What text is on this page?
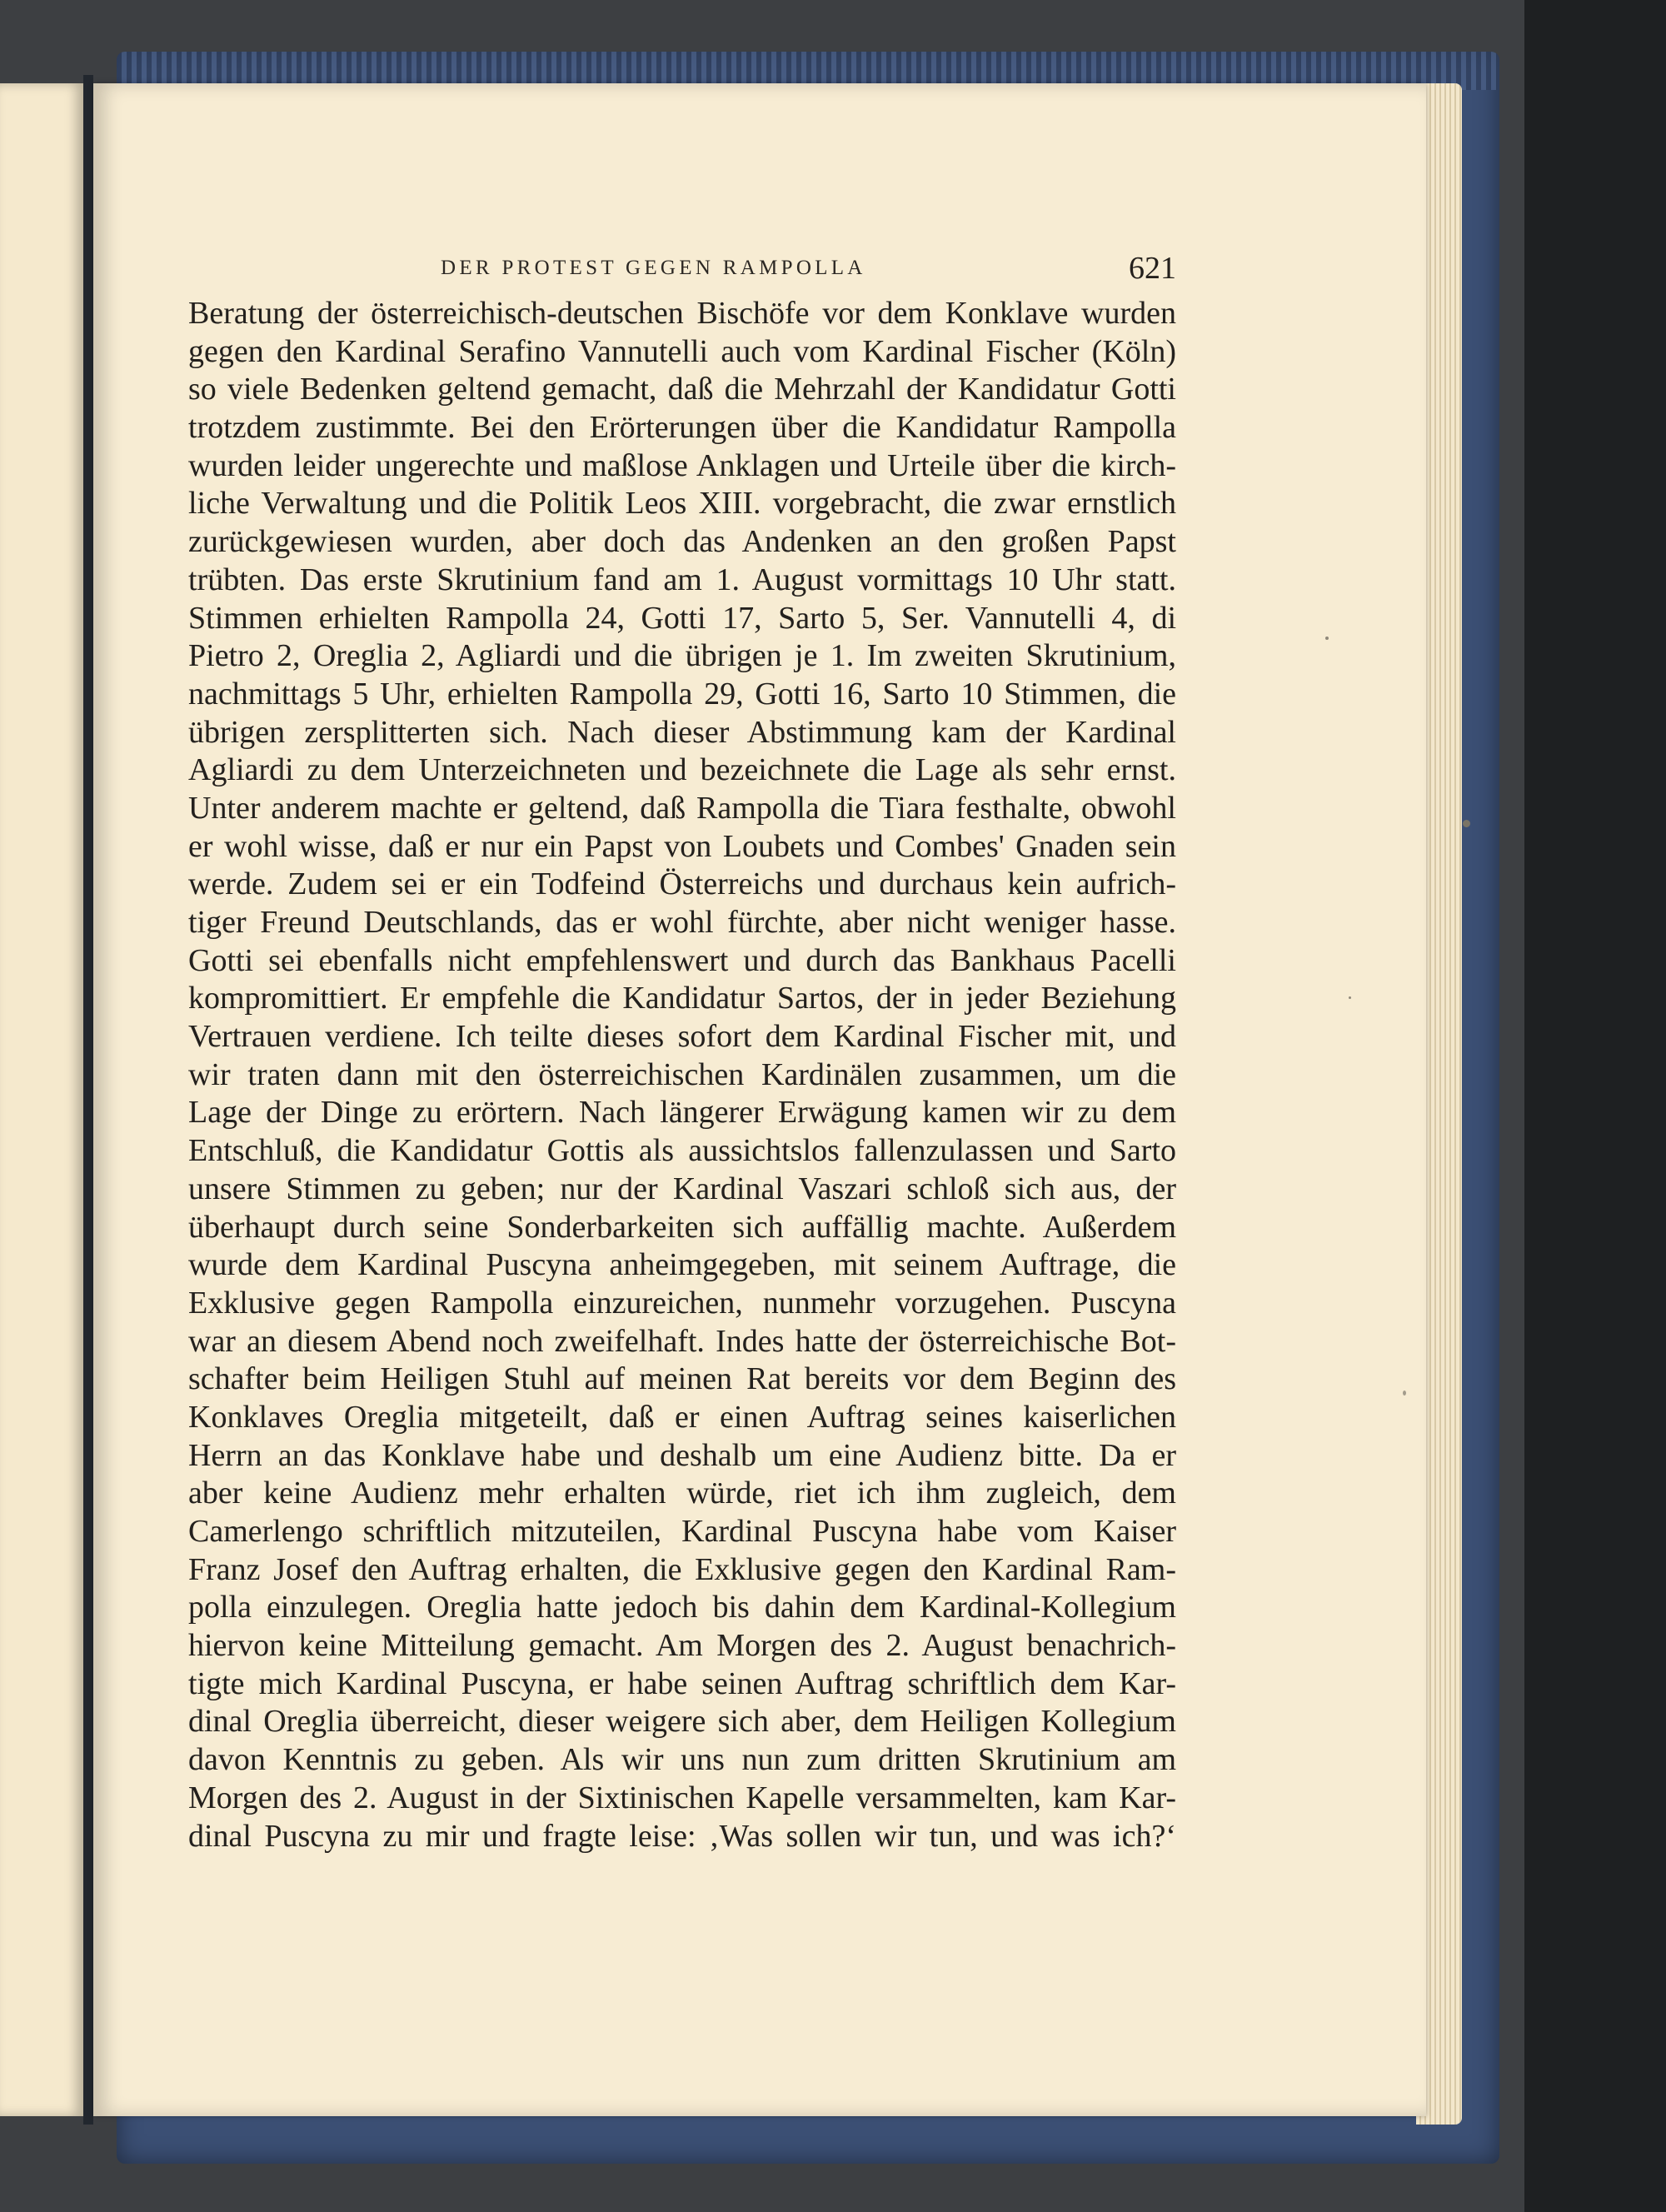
DER PROTEST GEGEN RAMPOLLA	621
Beratung der österreichisch-deutschen Bischöfe vor dem Konklave wurden
gegen den Kardinal Serafino Vannutelli auch vom Kardinal Fischer (Köln)
so viele Bedenken geltend gemacht, daß die Mehrzahl der Kandidatur Gotti
trotzdem zustimmte. Bei den Erörterungen über die Kandidatur Rampolla
wurden leider ungerechte und maßlose Anklagen und Urteile über die kirch-
liche Verwaltung und die Politik Leos XIII. vorgebracht, die zwar ernstlich
zurückgewiesen wurden, aber doch das Andenken an den großen Papst
trübten. Das erste Skrutinium fand am 1. August vormittags 10 Uhr statt.
Stimmen erhielten Rampolla 24, Gotti 17, Sarto 5, Ser. Vannutelli 4, di
Pietro 2, Oreglia 2, Agliardi und die übrigen je 1. Im zweiten Skrutinium,
nachmittags 5 Uhr, erhielten Rampolla 29, Gotti 16, Sarto 10 Stimmen, die
übrigen zersplitterten sich. Nach dieser Abstimmung kam der Kardinal
Agliardi zu dem Unterzeichneten und bezeichnete die Lage als sehr ernst.
Unter anderem machte er geltend, daß Rampolla die Tiara festhalte, obwohl
er wohl wisse, daß er nur ein Papst von Loubets und Combes' Gnaden sein
werde. Zudem sei er ein Todfeind Österreichs und durchaus kein aufrich-
tiger Freund Deutschlands, das er wohl fürchte, aber nicht weniger hasse.
Gotti sei ebenfalls nicht empfehlenswert und durch das Bankhaus Pacelli
kompromittiert. Er empfehle die Kandidatur Sartos, der in jeder Beziehung
Vertrauen verdiene. Ich teilte dieses sofort dem Kardinal Fischer mit, und
wir traten dann mit den österreichischen Kardinälen zusammen, um die
Lage der Dinge zu erörtern. Nach längerer Erwägung kamen wir zu dem
Entschluß, die Kandidatur Gottis als aussichtslos fallenzulassen und Sarto
unsere Stimmen zu geben; nur der Kardinal Vaszari schloß sich aus, der
überhaupt durch seine Sonderbarkeiten sich auffällig machte. Außerdem
wurde dem Kardinal Puscyna anheimgegeben, mit seinem Auftrage, die
Exklusive gegen Rampolla einzureichen, nunmehr vorzugehen. Puscyna
war an diesem Abend noch zweifelhaft. Indes hatte der österreichische Bot-
schafter beim Heiligen Stuhl auf meinen Rat bereits vor dem Beginn des
Konklaves Oreglia mitgeteilt, daß er einen Auftrag seines kaiserlichen
Herrn an das Konklave habe und deshalb um eine Audienz bitte. Da er
aber keine Audienz mehr erhalten würde, riet ich ihm zugleich, dem
Camerlengo schriftlich mitzuteilen, Kardinal Puscyna habe vom Kaiser
Franz Josef den Auftrag erhalten, die Exklusive gegen den Kardinal Ram-
polla einzulegen. Oreglia hatte jedoch bis dahin dem Kardinal-Kollegium
hiervon keine Mitteilung gemacht. Am Morgen des 2. August benachrich-
tigte mich Kardinal Puscyna, er habe seinen Auftrag schriftlich dem Kar-
dinal Oreglia überreicht, dieser weigere sich aber, dem Heiligen Kollegium
davon Kenntnis zu geben. Als wir uns nun zum dritten Skrutinium am
Morgen des 2. August in der Sixtinischen Kapelle versammelten, kam Kar-
dinal Puscyna zu mir und fragte leise: ‚Was sollen wir tun, und was ich?‘
